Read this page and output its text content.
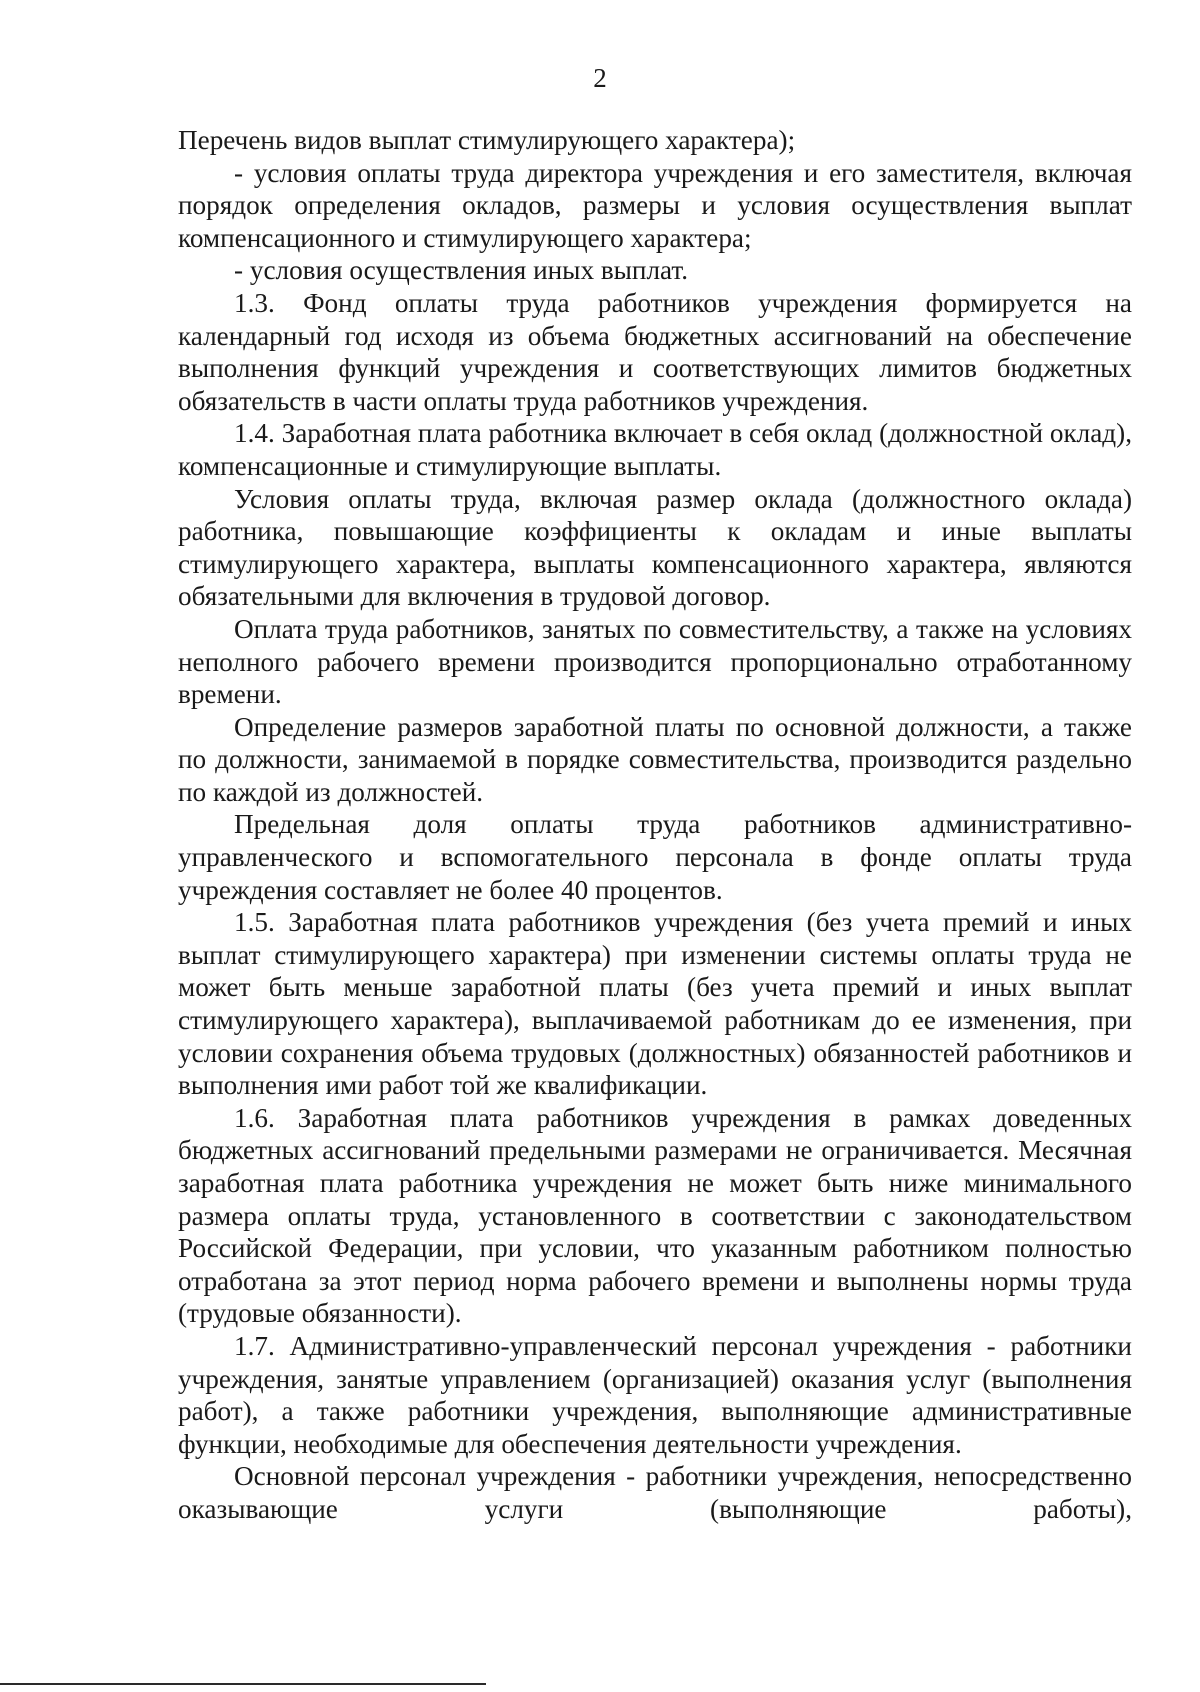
2

Перечень видов выплат стимулирующего характера);

- условия оплаты труда директора учреждения и его заместителя, включая порядок определения окладов, размеры и условия осуществления выплат компенсационного и стимулирующего характера;

- условия осуществления иных выплат.

1.3. Фонд оплаты труда работников учреждения формируется на календарный год исходя из объема бюджетных ассигнований на обеспечение выполнения функций учреждения и соответствующих лимитов бюджетных обязательств в части оплаты труда работников учреждения.

1.4. Заработная плата работника включает в себя оклад (должностной оклад), компенсационные и стимулирующие выплаты.

Условия оплаты труда, включая размер оклада (должностного оклада) работника, повышающие коэффициенты к окладам и иные выплаты стимулирующего характера, выплаты компенсационного характера, являются обязательными для включения в трудовой договор.

Оплата труда работников, занятых по совместительству, а также на условиях неполного рабочего времени производится пропорционально отработанному времени.

Определение размеров заработной платы по основной должности, а также по должности, занимаемой в порядке совместительства, производится раздельно по каждой из должностей.

Предельная доля оплаты труда работников административно-управленческого и вспомогательного персонала в фонде оплаты труда учреждения составляет не более 40 процентов.

1.5. Заработная плата работников учреждения (без учета премий и иных выплат стимулирующего характера) при изменении системы оплаты труда не может быть меньше заработной платы (без учета премий и иных выплат стимулирующего характера), выплачиваемой работникам до ее изменения, при условии сохранения объема трудовых (должностных) обязанностей работников и выполнения ими работ той же квалификации.

1.6. Заработная плата работников учреждения в рамках доведенных бюджетных ассигнований предельными размерами не ограничивается. Месячная заработная плата работника учреждения не может быть ниже минимального размера оплаты труда, установленного в соответствии с законодательством Российской Федерации, при условии, что указанным работником полностью отработана за этот период норма рабочего времени и выполнены нормы труда (трудовые обязанности).

1.7. Административно-управленческий персонал учреждения - работники учреждения, занятые управлением (организацией) оказания услуг (выполнения работ), а также работники учреждения, выполняющие административные функции, необходимые для обеспечения деятельности учреждения.

Основной персонал учреждения - работники учреждения, непосредственно оказывающие услуги (выполняющие работы),
